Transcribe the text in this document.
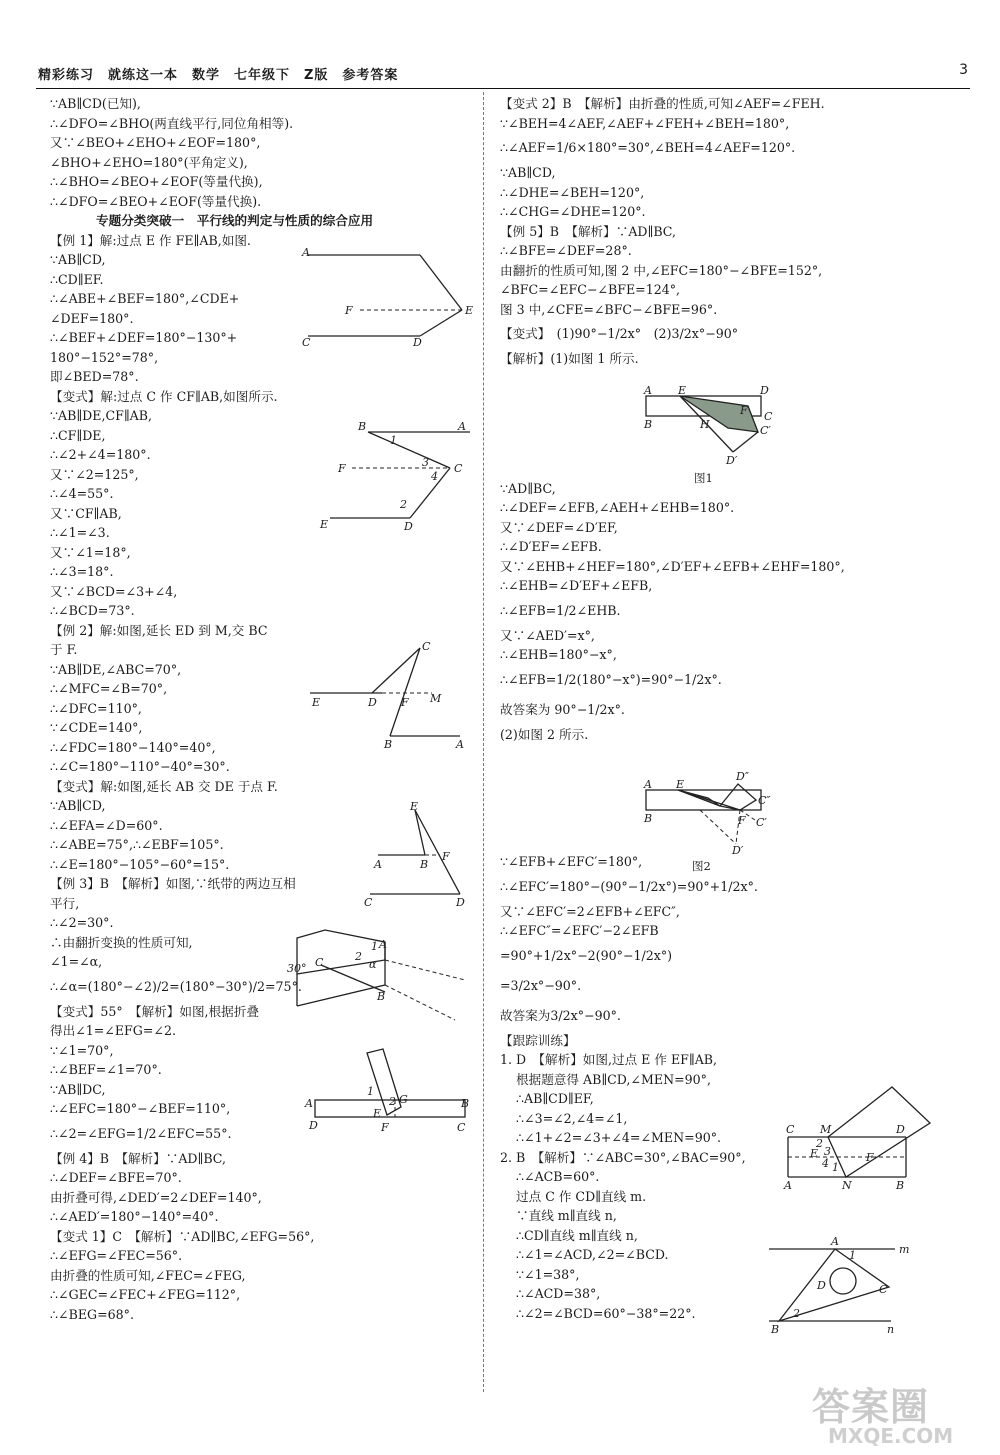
精彩练习　就练这一本　数学　七年级下　Z版　参考答案	3
∵AB∥CD(已知),
∴∠DFO=∠BHO(两直线平行,同位角相等).
又∵∠BEO+∠EHO+∠EOF=180°,
∠BHO+∠EHO=180°(平角定义),
∴∠BHO=∠BEO+∠EOF(等量代换),
∴∠DFO=∠BEO+∠EOF(等量代换).
专题分类突破一　平行线的判定与性质的综合应用
【例 1】解:过点 E 作 FE∥AB,如图.
∵AB∥CD,
∴CD∥EF.
∴∠ABE+∠BEF=180°,∠CDE+
∠DEF=180°.
∴∠BEF+∠DEF=180°−130°+
180°−152°=78°,
即∠BED=78°.
【变式】解:过点 C 作 CF∥AB,如图所示.
∵AB∥DE,CF∥AB,
∴CF∥DE,
∴∠2+∠4=180°.
又∵∠2=125°,
∴∠4=55°.
又∵CF∥AB,
∴∠1=∠3.
又∵∠1=18°,
∴∠3=18°.
又∵∠BCD=∠3+∠4,
∴∠BCD=73°.
【例 2】解:如图,延长 ED 到 M,交 BC
于 F.
∵AB∥DE,∠ABC=70°,
∴∠MFC=∠B=70°,
∴∠DFC=110°,
∵∠CDE=140°,
∴∠FDC=180°−140°=40°,
∴∠C=180°−110°−40°=30°.
【变式】解:如图,延长 AB 交 DE 于点 F.
∵AB∥CD,
∴∠EFA=∠D=60°.
∴∠ABE=75°,∴∠EBF=105°.
∴∠E=180°−105°−60°=15°.
【例 3】B　【解析】如图,∵纸带的两边互相
平行,
∴∠2=30°.
∴由翻折变换的性质可知,
∠1=∠α,
∴∠α=(180°−∠2)/2=(180°−30°)/2=75°.
【变式】55°　【解析】如图,根据折叠
得出∠1=∠EFG=∠2.
∵∠1=70°,
∴∠BEF=∠1=70°.
∵AB∥DC,
∴∠EFC=180°−∠BEF=110°,
∴∠2=∠EFG=1/2∠EFC=55°.
【例 4】B　【解析】∵AD∥BC,
∴∠DEF=∠BFE=70°.
由折叠可得,∠DED′=2∠DEF=140°,
∴∠AED′=180°−140°=40°.
【变式 1】C　【解析】∵AD∥BC,∠EFG=56°,
∴∠EFG=∠FEC=56°.
由折叠的性质可知,∠FEC=∠FEG,
∴∠GEC=∠FEC+∠FEG=112°,
∴∠BEG=68°.
【变式 2】B　【解析】由折叠的性质,可知∠AEF=∠FEH.
∵∠BEH=4∠AEF,∠AEF+∠FEH+∠BEH=180°,
∴∠AEF=1/6×180°=30°,∠BEH=4∠AEF=120°.
∵AB∥CD,
∴∠DHE=∠BEH=120°,
∴∠CHG=∠DHE=120°.
【例 5】B　【解析】∵AD∥BC,
∴∠BFE=∠DEF=28°.
由翻折的性质可知,图 2 中,∠EFC=180°−∠BFE=152°,
∠BFC=∠EFC−∠BFE=124°,
图 3 中,∠CFE=∠BFC−∠BFE=96°.
【变式】　(1)90°−1/2x°　(2)3/2x°−90°
【解析】(1)如图 1 所示.
∵AD∥BC,
∴∠DEF=∠EFB,∠AEH+∠EHB=180°.
又∵∠DEF=∠D′EF,
∴∠D′EF=∠EFB.
又∵∠EHB+∠HEF=180°,∠D′EF+∠EFB+∠EHF=180°,
∴∠EHB=∠D′EF+∠EFB,
∴∠EFB=1/2∠EHB.
又∵∠AED′=x°,
∴∠EHB=180°−x°,
∴∠EFB=1/2(180°−x°)=90°−1/2x°.
故答案为 90°−1/2x°.
(2)如图 2 所示.
∵∠EFB+∠EFC′=180°,
∴∠EFC′=180°−(90°−1/2x°)=90°+1/2x°.
又∵∠EFC′=2∠EFB+∠EFC″,
∴∠EFC″=∠EFC′−2∠EFB
=90°+1/2x°−2(90°−1/2x°)
=3/2x°−90°.
故答案为3/2x°−90°.
【跟踪训练】
1. D　【解析】如图,过点 E 作 EF∥AB,
根据题意得 AB∥CD,∠MEN=90°,
∴AB∥CD∥EF,
∴∠3=∠2,∠4=∠1,
∴∠1+∠2=∠3+∠4=∠MEN=90°.
2. B　【解析】∵∠ABC=30°,∠BAC=90°,
∴∠ACB=60°.
过点 C 作 CD∥直线 m.
∵直线 m∥直线 n,
∴CD∥直线 m∥直线 n,
∴∠1=∠ACD,∠2=∠BCD.
∵∠1=38°,
∴∠ACD=38°,
∴∠2=∠BCD=60°−38°=22°.
A
F	E
C	D
B
1
A
F	3
4
C
2
E	D
C
E	D F M
B	A
E
F
A	B
C	D
30° C	2
1 A
α
B
1
2 G
A
E
B
D	F	C
A E	D
F C
B	H	C′
D′
图1
A E
D″
C″
F C′
B
D′
图2
C M	D
2
3
E
4 1
F
A	N	B
A
1	m
D	C
B
2
n
答案圈
MXQE.COM
